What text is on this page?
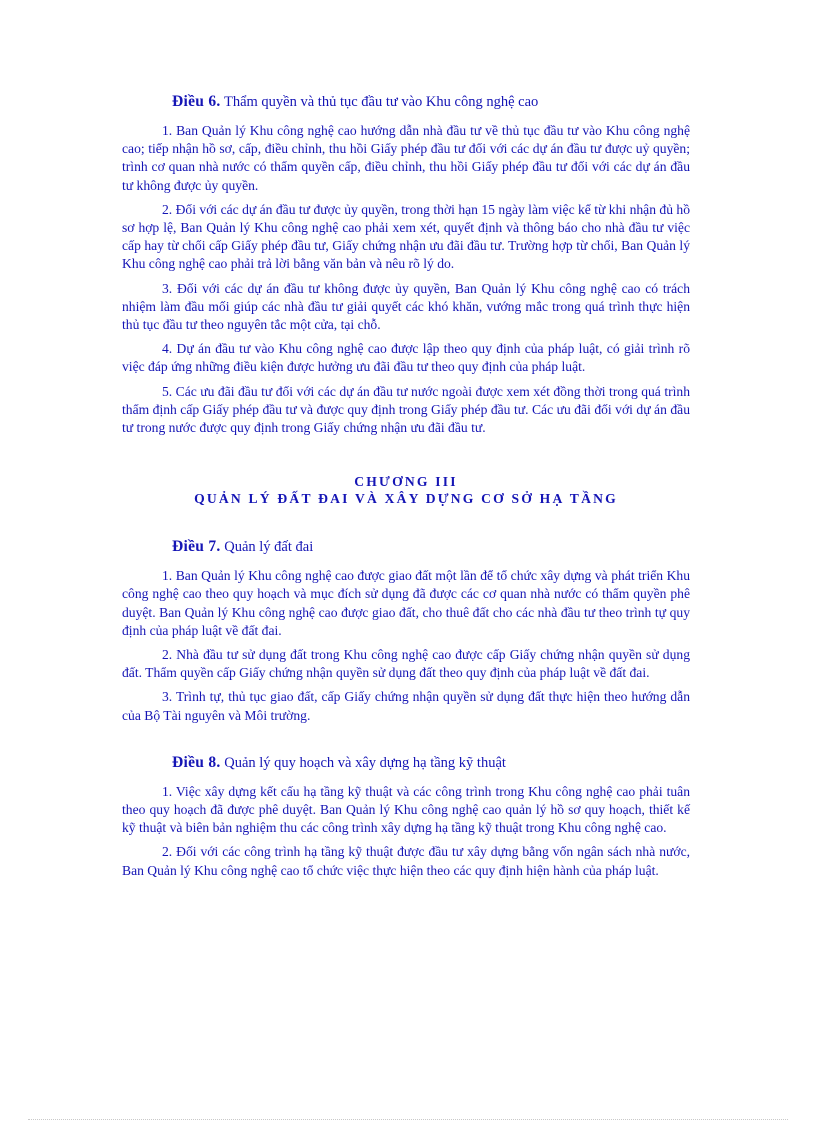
Điều 6. Thẩm quyền và thủ tục đầu tư vào Khu công nghệ cao

1. Ban Quản lý Khu công nghệ cao hướng dẫn nhà đầu tư về thủ tục đầu tư vào Khu công nghệ cao; tiếp nhận hồ sơ, cấp, điều chỉnh, thu hồi Giấy phép đầu tư đối với các dự án đầu tư được uỷ quyền; trình cơ quan nhà nước có thẩm quyền cấp, điều chỉnh, thu hồi Giấy phép đầu tư đối với các dự án đầu tư không được ủy quyền.

2. Đối với các dự án đầu tư được ủy quyền, trong thời hạn 15 ngày làm việc kể từ khi nhận đủ hồ sơ hợp lệ, Ban Quản lý Khu công nghệ cao phải xem xét, quyết định và thông báo cho nhà đầu tư việc cấp hay từ chối cấp Giấy phép đầu tư, Giấy chứng nhận ưu đãi đầu tư. Trường hợp từ chối, Ban Quản lý Khu công nghệ cao phải trả lời bằng văn bản và nêu rõ lý do.

3. Đối với các dự án đầu tư không được ủy quyền, Ban Quản lý Khu công nghệ cao có trách nhiệm làm đầu mối giúp các nhà đầu tư giải quyết các khó khăn, vướng mắc trong quá trình thực hiện thủ tục đầu tư theo nguyên tắc một cửa, tại chỗ.

4. Dự án đầu tư vào Khu công nghệ cao được lập theo quy định của pháp luật, có giải trình rõ việc đáp ứng những điều kiện được hưởng ưu đãi đầu tư theo quy định của pháp luật.

5. Các ưu đãi đầu tư đối với các dự án đầu tư nước ngoài được xem xét đồng thời trong quá trình thẩm định cấp Giấy phép đầu tư và được quy định trong Giấy phép đầu tư. Các ưu đãi đối với dự án đầu tư trong nước được quy định trong Giấy chứng nhận ưu đãi đầu tư.

CHƯƠNG III
QUẢN LÝ ĐẤT ĐAI VÀ XÂY DỰNG CƠ SỞ HẠ TẦNG
Điều 7. Quản lý đất đai

1. Ban Quản lý Khu công nghệ cao được giao đất một lần để tổ chức xây dựng và phát triển Khu công nghệ cao theo quy hoạch và mục đích sử dụng đã được các cơ quan nhà nước có thẩm quyền phê duyệt. Ban Quản lý Khu công nghệ cao được giao đất, cho thuê đất cho các nhà đầu tư theo trình tự quy định của pháp luật về đất đai.

2. Nhà đầu tư sử dụng đất trong Khu công nghệ cao được cấp Giấy chứng nhận quyền sử dụng đất. Thẩm quyền cấp Giấy chứng nhận quyền sử dụng đất theo quy định của pháp luật về đất đai.

3. Trình tự, thủ tục giao đất, cấp Giấy chứng nhận quyền sử dụng đất thực hiện theo hướng dẫn của Bộ Tài nguyên và Môi trường.

Điều 8. Quản lý quy hoạch và xây dựng hạ tầng kỹ thuật

1. Việc xây dựng kết cấu hạ tầng kỹ thuật và các công trình trong Khu công nghệ cao phải tuân theo quy hoạch đã được phê duyệt. Ban Quản lý Khu công nghệ cao quản lý hồ sơ quy hoạch, thiết kế kỹ thuật và biên bản nghiệm thu các công trình xây dựng hạ tầng kỹ thuật trong Khu công nghệ cao.

2. Đối với các công trình hạ tầng kỹ thuật được đầu tư xây dựng bằng vốn ngân sách nhà nước, Ban Quản lý Khu công nghệ cao tổ chức việc thực hiện theo các quy định hiện hành của pháp luật.
